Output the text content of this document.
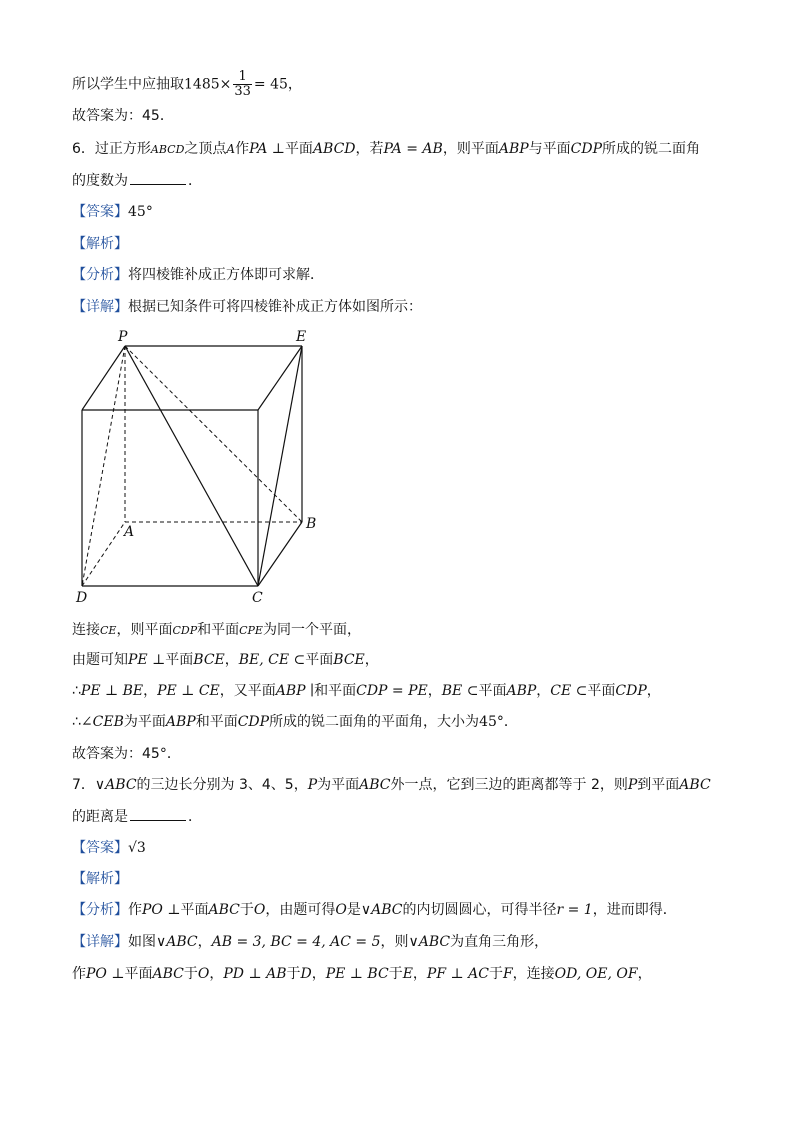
所以学生中应抽取$1485\times \frac{1}{33} = 45$，
故答案为：45．
6．过正方形ABCD之顶点A作PA ⊥平面ABCD，若PA = AB，则平面ABP与平面CDP所成的锐二面角
的度数为	．
【答案】45°
【解析】
【分析】将四棱锥补成正方体即可求解．
【详解】根据已知条件可将四棱锥补成正方体如图所示：
P	E
A	B
D	C
连接CE，则平面CDP和平面CPE为同一个平面，
由题可知PE ⊥平面BCE，BE, CE ⊂平面BCE，
∴PE ⊥ BE，PE ⊥ CE，又平面ABP ∣和平面CDP = PE，BE ⊂平面ABP，CE ⊂平面CDP，
∴∠CEB为平面ABP和平面CDP所成的锐二面角的平面角，大小为45°．
故答案为：45°．
7．∨ABC的三边长分别为 3、4、5，P为平面ABC外一点，它到三边的距离都等于 2，则P到平面ABC
的距离是	．
【答案】√3
【解析】
【分析】作PO ⊥平面ABC于O，由题可得O是∨ABC的内切圆圆心，可得半径r = 1，进而即得．
【详解】如图∨ABC，AB = 3, BC = 4, AC = 5，则∨ABC为直角三角形，
作PO ⊥平面ABC于O，PD ⊥ AB于D，PE ⊥ BC于E，PF ⊥ AC于F，连接OD, OE, OF，
